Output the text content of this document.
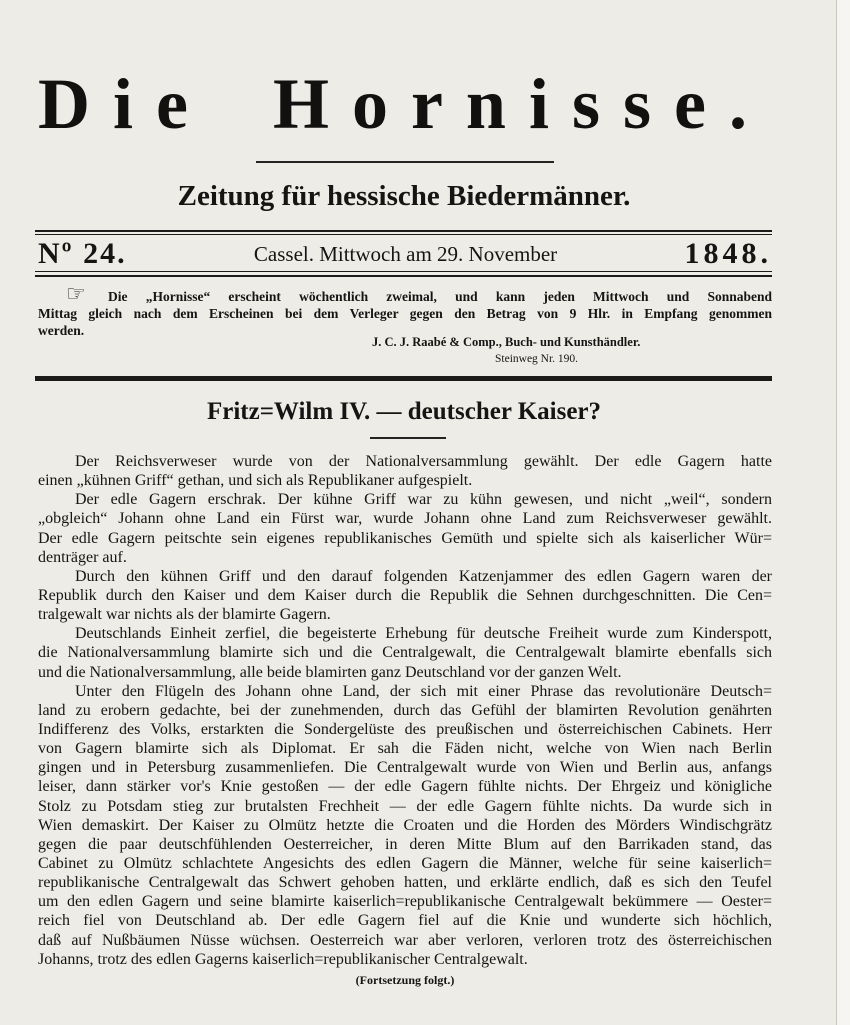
Die Hornisse.
Zeitung für hessische Biedermänner.
Nº 24.	Cassel. Mittwoch am 29. November	1848.
☞
Die „Hornisse“ erscheint wöchentlich zweimal, und kann jeden Mittwoch und Sonnabend
Mittag gleich nach dem Erscheinen bei dem Verleger gegen den Betrag von 9 Hlr. in Empfang genommen
werden.
J. C. J. Raabé & Comp., Buch- und Kunsthändler.
Steinweg Nr. 190.
Fritz=Wilm IV. — deutscher Kaiser?
Der Reichsverweser wurde von der Nationalversammlung gewählt. Der edle Gagern hatte
einen „kühnen Griff“ gethan, und sich als Republikaner aufgespielt.
Der edle Gagern erschrak. Der kühne Griff war zu kühn gewesen, und nicht „weil“, sondern
„obgleich“ Johann ohne Land ein Fürst war, wurde Johann ohne Land zum Reichsverweser gewählt.
Der edle Gagern peitschte sein eigenes republikanisches Gemüth und spielte sich als kaiserlicher Wür=
denträger auf.
Durch den kühnen Griff und den darauf folgenden Katzenjammer des edlen Gagern waren der
Republik durch den Kaiser und dem Kaiser durch die Republik die Sehnen durchgeschnitten. Die Cen=
tralgewalt war nichts als der blamirte Gagern.
Deutschlands Einheit zerfiel, die begeisterte Erhebung für deutsche Freiheit wurde zum Kinderspott,
die Nationalversammlung blamirte sich und die Centralgewalt, die Centralgewalt blamirte ebenfalls sich
und die Nationalversammlung, alle beide blamirten ganz Deutschland vor der ganzen Welt.
Unter den Flügeln des Johann ohne Land, der sich mit einer Phrase das revolutionäre Deutsch=
land zu erobern gedachte, bei der zunehmenden, durch das Gefühl der blamirten Revolution genährten
Indifferenz des Volks, erstarkten die Sondergelüste des preußischen und österreichischen Cabinets. Herr
von Gagern blamirte sich als Diplomat. Er sah die Fäden nicht, welche von Wien nach Berlin
gingen und in Petersburg zusammenliefen. Die Centralgewalt wurde von Wien und Berlin aus, anfangs
leiser, dann stärker vor's Knie gestoßen — der edle Gagern fühlte nichts. Der Ehrgeiz und königliche
Stolz zu Potsdam stieg zur brutalsten Frechheit — der edle Gagern fühlte nichts. Da wurde sich in
Wien demaskirt. Der Kaiser zu Olmütz hetzte die Croaten und die Horden des Mörders Windischgrätz
gegen die paar deutschfühlenden Oesterreicher, in deren Mitte Blum auf den Barrikaden stand, das
Cabinet zu Olmütz schlachtete Angesichts des edlen Gagern die Männer, welche für seine kaiserlich=
republikanische Centralgewalt das Schwert gehoben hatten, und erklärte endlich, daß es sich den Teufel
um den edlen Gagern und seine blamirte kaiserlich=republikanische Centralgewalt bekümmere — Oester=
reich fiel von Deutschland ab. Der edle Gagern fiel auf die Knie und wunderte sich höchlich,
daß auf Nußbäumen Nüsse wüchsen. Oesterreich war aber verloren, verloren trotz des österreichischen
Johanns, trotz des edlen Gagerns kaiserlich=republikanischer Centralgewalt.
(Fortsetzung folgt.)
